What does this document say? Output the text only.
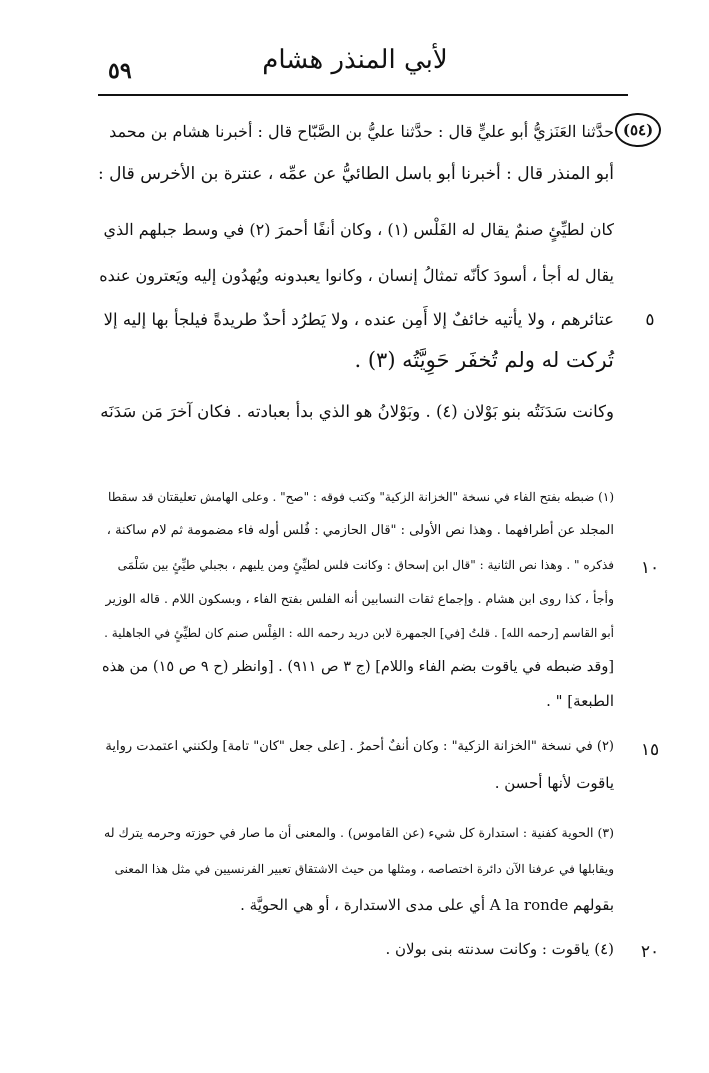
لأبي المنذر هشام
٥٩
(٥٤)
حدَّثنا العَنَزيُّ أبو عليٍّ قال : حدَّثنا عليُّ بن الصَّبّاح قال : أخبرنا هشام بن محمد
أبو المنذر قال : أخبرنا أبو باسل الطائيُّ عن عمِّه ، عنترة بن الأخرس قال :
كان لطيِّئٍ صنمٌ يقال له الفَلْس (١) ، وكان أنفًا أحمرَ (٢) في وسط جبلهم الذي
يقال له أجأ ، أسودَ كأنّه تمثالُ إنسان ، وكانوا يعبدونه ويُهدُون إليه ويَعترون عنده
عتائرهم ، ولا يأتيه خائفٌ إلا أَمِن عنده ، ولا يَطرُد أحدٌ طريدةً فيلجأ بها إليه إلا
تُركت له ولم تُخفَر حَوِيَّتُه (٣) .
وكانت سَدَنَتُه بنو بَوْلان (٤) . وبَوْلانُ هو الذي بدأ بعبادته . فكان آخرَ مَن سَدَنَه
(١) ضبطه بفتح الفاء في نسخة "الخزانة الزكية" وكتب فوقه : "صح" . وعلى الهامش تعليقتان قد سقطا
المجلد عن أطرافهما . وهذا نص الأولى : "قال الحازمي : فُلس أوله فاء مضمومة ثم لام ساكنة ،
فذكره " . وهذا نص الثانية : "قال ابن إسحاق : وكانت فلس لطيِّئٍ ومن يليهم ، بجبلي طيِّئٍ بين سَلْمَى
وأجأ ، كذا روى ابن هشام . وإجماع ثقات النسابين أنه الفلس بفتح الفاء ، وبسكون اللام . قاله الوزير
أبو القاسم [رحمه الله] . قلتُ [في] الجمهرة لابن دريد رحمه الله : الفِلْس صنم كان لطيِّئٍ في الجاهلية .
[وقد ضبطه في ياقوت بضم الفاء واللام] (ج ٣ ص ٩١١) . [وانظر (ح ٩ ص ١٥) من هذه
الطبعة] " .
(٢) في نسخة "الخزانة الزكية" : وكان أنفٌ أحمرُ . [على جعل "كان" تامة] ولكنني اعتمدت رواية
ياقوت لأنها أحسن .
(٣) الحوية كفنية : استدارة كل شيء (عن القاموس) . والمعنى أن ما صار في حوزته وحرمه يترك له
ويقابلها في عرفنا الآن دائرة اختصاصه ، ومثلها من حيث الاشتقاق تعبير الفرنسيين في مثل هذا المعنى
بقولهم A la ronde أي على مدى الاستدارة ، أو هي الحويَّة .
(٤) ياقوت : وكانت سدنته بنى بولان .
٥
١٠
١٥
٢٠
